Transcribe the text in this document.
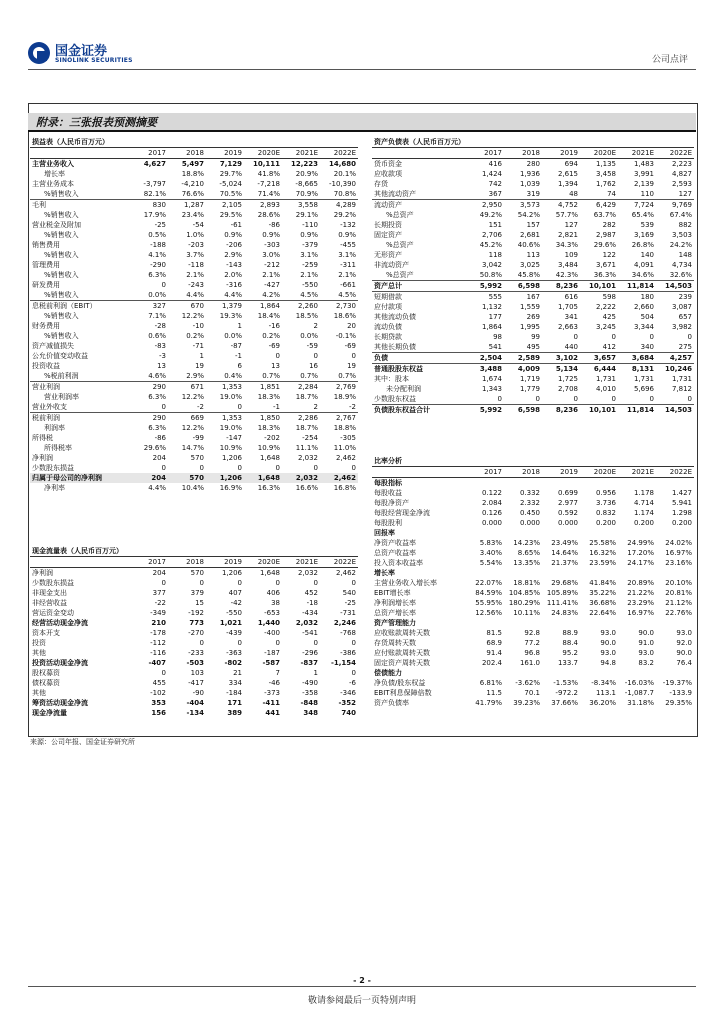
国金证券
SINOLINK SECURITIES	公司点评
附录：三张报表预测摘要
损益表（人民币百万元）
	2017	2018	2019	2020E	2021E	2022E
主营业务收入	4,627	5,497	7,129	10,111	12,223	14,680
增长率		18.8%	29.7%	41.8%	20.9%	20.1%
主营业务成本	-3,797	-4,210	-5,024	-7,218	-8,665	-10,390
%销售收入	82.1%	76.6%	70.5%	71.4%	70.9%	70.8%
毛利	830	1,287	2,105	2,893	3,558	4,289
%销售收入	17.9%	23.4%	29.5%	28.6%	29.1%	29.2%
营业税金及附加	-25	-54	-61	-86	-110	-132
%销售收入	0.5%	1.0%	0.9%	0.9%	0.9%	0.9%
销售费用	-188	-203	-206	-303	-379	-455
%销售收入	4.1%	3.7%	2.9%	3.0%	3.1%	3.1%
管理费用	-290	-118	-143	-212	-259	-311
%销售收入	6.3%	2.1%	2.0%	2.1%	2.1%	2.1%
研发费用	0	-243	-316	-427	-550	-661
%销售收入	0.0%	4.4%	4.4%	4.2%	4.5%	4.5%
息税前利润（EBIT）	327	670	1,379	1,864	2,260	2,730
%销售收入	7.1%	12.2%	19.3%	18.4%	18.5%	18.6%
财务费用	-28	-10	1	-16	2	20
%销售收入	0.6%	0.2%	0.0%	0.2%	0.0%	-0.1%
资产减值损失	-83	-71	-87	-69	-59	-69
公允价值变动收益	-3	1	-1	0	0	0
投资收益	13	19	6	13	16	19
%税前利润	4.6%	2.9%	0.4%	0.7%	0.7%	0.7%
营业利润	290	671	1,353	1,851	2,284	2,769
营业利润率	6.3%	12.2%	19.0%	18.3%	18.7%	18.9%
营业外收支	0	-2	0	-1	2	-2
税前利润	290	669	1,353	1,850	2,286	2,767
利润率	6.3%	12.2%	19.0%	18.3%	18.7%	18.8%
所得税	-86	-99	-147	-202	-254	-305
所得税率	29.6%	14.7%	10.9%	10.9%	11.1%	11.0%
净利润	204	570	1,206	1,648	2,032	2,462
少数股东损益	0	0	0	0	0	0
归属于母公司的净利润	204	570	1,206	1,648	2,032	2,462
净利率	4.4%	10.4%	16.9%	16.3%	16.6%	16.8%
资产负债表（人民币百万元）
	2017	2018	2019	2020E	2021E	2022E
货币资金	416	280	694	1,135	1,483	2,223
应收款项	1,424	1,936	2,615	3,458	3,991	4,827
存货	742	1,039	1,394	1,762	2,139	2,593
其他流动资产	367	319	48	74	110	127
流动资产	2,950	3,573	4,752	6,429	7,724	9,769
%总资产	49.2%	54.2%	57.7%	63.7%	65.4%	67.4%
长期投资	151	157	127	282	539	882
固定资产	2,706	2,681	2,821	2,987	3,169	3,503
%总资产	45.2%	40.6%	34.3%	29.6%	26.8%	24.2%
无形资产	118	113	109	122	140	148
非流动资产	3,042	3,025	3,484	3,671	4,091	4,734
%总资产	50.8%	45.8%	42.3%	36.3%	34.6%	32.6%
资产总计	5,992	6,598	8,236	10,101	11,814	14,503
短期借款	555	167	616	598	180	239
应付款项	1,132	1,559	1,705	2,222	2,660	3,087
其他流动负债	177	269	341	425	504	657
流动负债	1,864	1,995	2,663	3,245	3,344	3,982
长期贷款	98	99	0	0	0	0
其他长期负债	541	495	440	412	340	275
负债	2,504	2,589	3,102	3,657	3,684	4,257
普通股股东权益	3,488	4,009	5,134	6,444	8,131	10,246
其中：股本	1,674	1,719	1,725	1,731	1,731	1,731
未分配利润	1,343	1,779	2,708	4,010	5,696	7,812
少数股东权益	0	0	0	0	0	0
负债股东权益合计	5,992	6,598	8,236	10,101	11,814	14,503
比率分析
	2017	2018	2019	2020E	2021E	2022E
每股指标						
每股收益	0.122	0.332	0.699	0.956	1.178	1.427
每股净资产	2.084	2.332	2.977	3.736	4.714	5.941
每股经营现金净流	0.126	0.450	0.592	0.832	1.174	1.298
每股股利	0.000	0.000	0.000	0.200	0.200	0.200
回报率						
净资产收益率	5.83%	14.23%	23.49%	25.58%	24.99%	24.02%
总资产收益率	3.40%	8.65%	14.64%	16.32%	17.20%	16.97%
投入资本收益率	5.54%	13.35%	21.37%	23.59%	24.17%	23.16%
增长率						
主营业务收入增长率	22.07%	18.81%	29.68%	41.84%	20.89%	20.10%
EBIT增长率	84.59%	104.85%	105.89%	35.22%	21.22%	20.81%
净利润增长率	55.95%	180.29%	111.41%	36.68%	23.29%	21.12%
总资产增长率	12.56%	10.11%	24.83%	22.64%	16.97%	22.76%
资产管理能力						
应收账款周转天数	81.5	92.8	88.9	93.0	90.0	93.0
存货周转天数	68.9	77.2	88.4	90.0	91.0	92.0
应付账款周转天数	91.4	96.8	95.2	93.0	93.0	90.0
固定资产周转天数	202.4	161.0	133.7	94.8	83.2	76.4
偿债能力						
净负债/股东权益	6.81%	-3.62%	-1.53%	-8.34%	-16.03%	-19.37%
EBIT利息保障倍数	11.5	70.1	-972.2	113.1	-1,087.7	-133.9
资产负债率	41.79%	39.23%	37.66%	36.20%	31.18%	29.35%
现金流量表（人民币百万元）
	2017	2018	2019	2020E	2021E	2022E
净利润	204	570	1,206	1,648	2,032	2,462
少数股东损益	0	0	0	0	0	0
非现金支出	377	379	407	406	452	540
非经营收益	-22	15	-42	38	-18	-25
营运资金变动	-349	-192	-550	-653	-434	-731
经营活动现金净流	210	773	1,021	1,440	2,032	2,246
资本开支	-178	-270	-439	-400	-541	-768
投资	-112	0	0	0	0	0
其他	-116	-233	-363	-187	-296	-386
投资活动现金净流	-407	-503	-802	-587	-837	-1,154
股权募资	0	103	21	7	1	0
债权募资	455	-417	334	-46	-490	-6
其他	-102	-90	-184	-373	-358	-346
筹资活动现金净流	353	-404	171	-411	-848	-352
现金净流量	156	-134	389	441	348	740
来源：公司年报、国金证券研究所
- 2 -
敬请参阅最后一页特别声明
